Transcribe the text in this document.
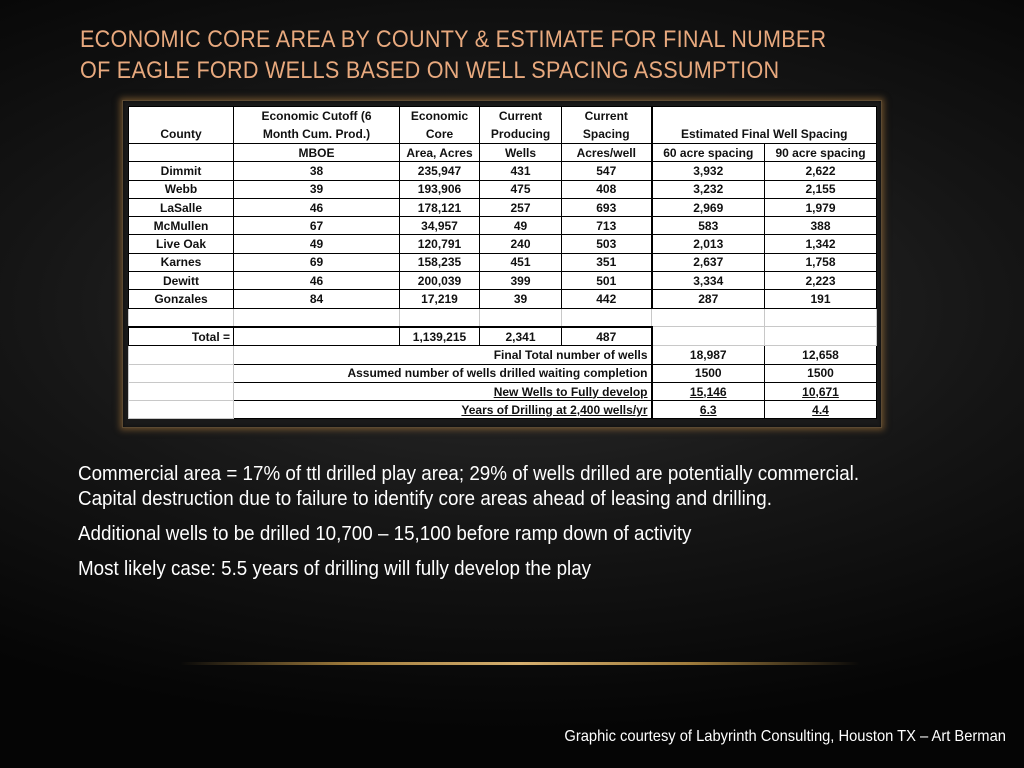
ECONOMIC CORE AREA BY COUNTY & ESTIMATE FOR FINAL NUMBER
OF EAGLE FORD WELLS BASED ON WELL SPACING ASSUMPTION
	Economic Cutoff (6	Economic	Current	Current		
County	Month Cum. Prod.)	Core	Producing	Spacing	Estimated Final Well Spacing	
	MBOE	Area, Acres	Wells	Acres/well	60 acre spacing	90 acre spacing
Dimmit	38	235,947	431	547	3,932	2,622
Webb	39	193,906	475	408	3,232	2,155
LaSalle	46	178,121	257	693	2,969	1,979
McMullen	67	34,957	49	713	583	388
Live Oak	49	120,791	240	503	2,013	1,342
Karnes	69	158,235	451	351	2,637	1,758
Dewitt	46	200,039	399	501	3,334	2,223
Gonzales	84	17,219	39	442	287	191

Total =		1,139,215	2,341	487		
	Final Total number of wells				18,987	12,658
	Assumed number of wells drilled waiting completion				1500	1500
	New Wells to Fully develop				15,146	10,671
	Years of Drilling at 2,400 wells/yr				6.3	4.4

Commercial area = 17% of ttl drilled play area; 29% of wells drilled are potentially commercial. Capital destruction due to failure to identify core areas ahead of leasing and drilling.

Additional wells to be drilled 10,700 – 15,100 before ramp down of activity

Most likely case: 5.5 years of drilling will fully develop the play

Graphic courtesy of Labyrinth Consulting, Houston TX – Art Berman
